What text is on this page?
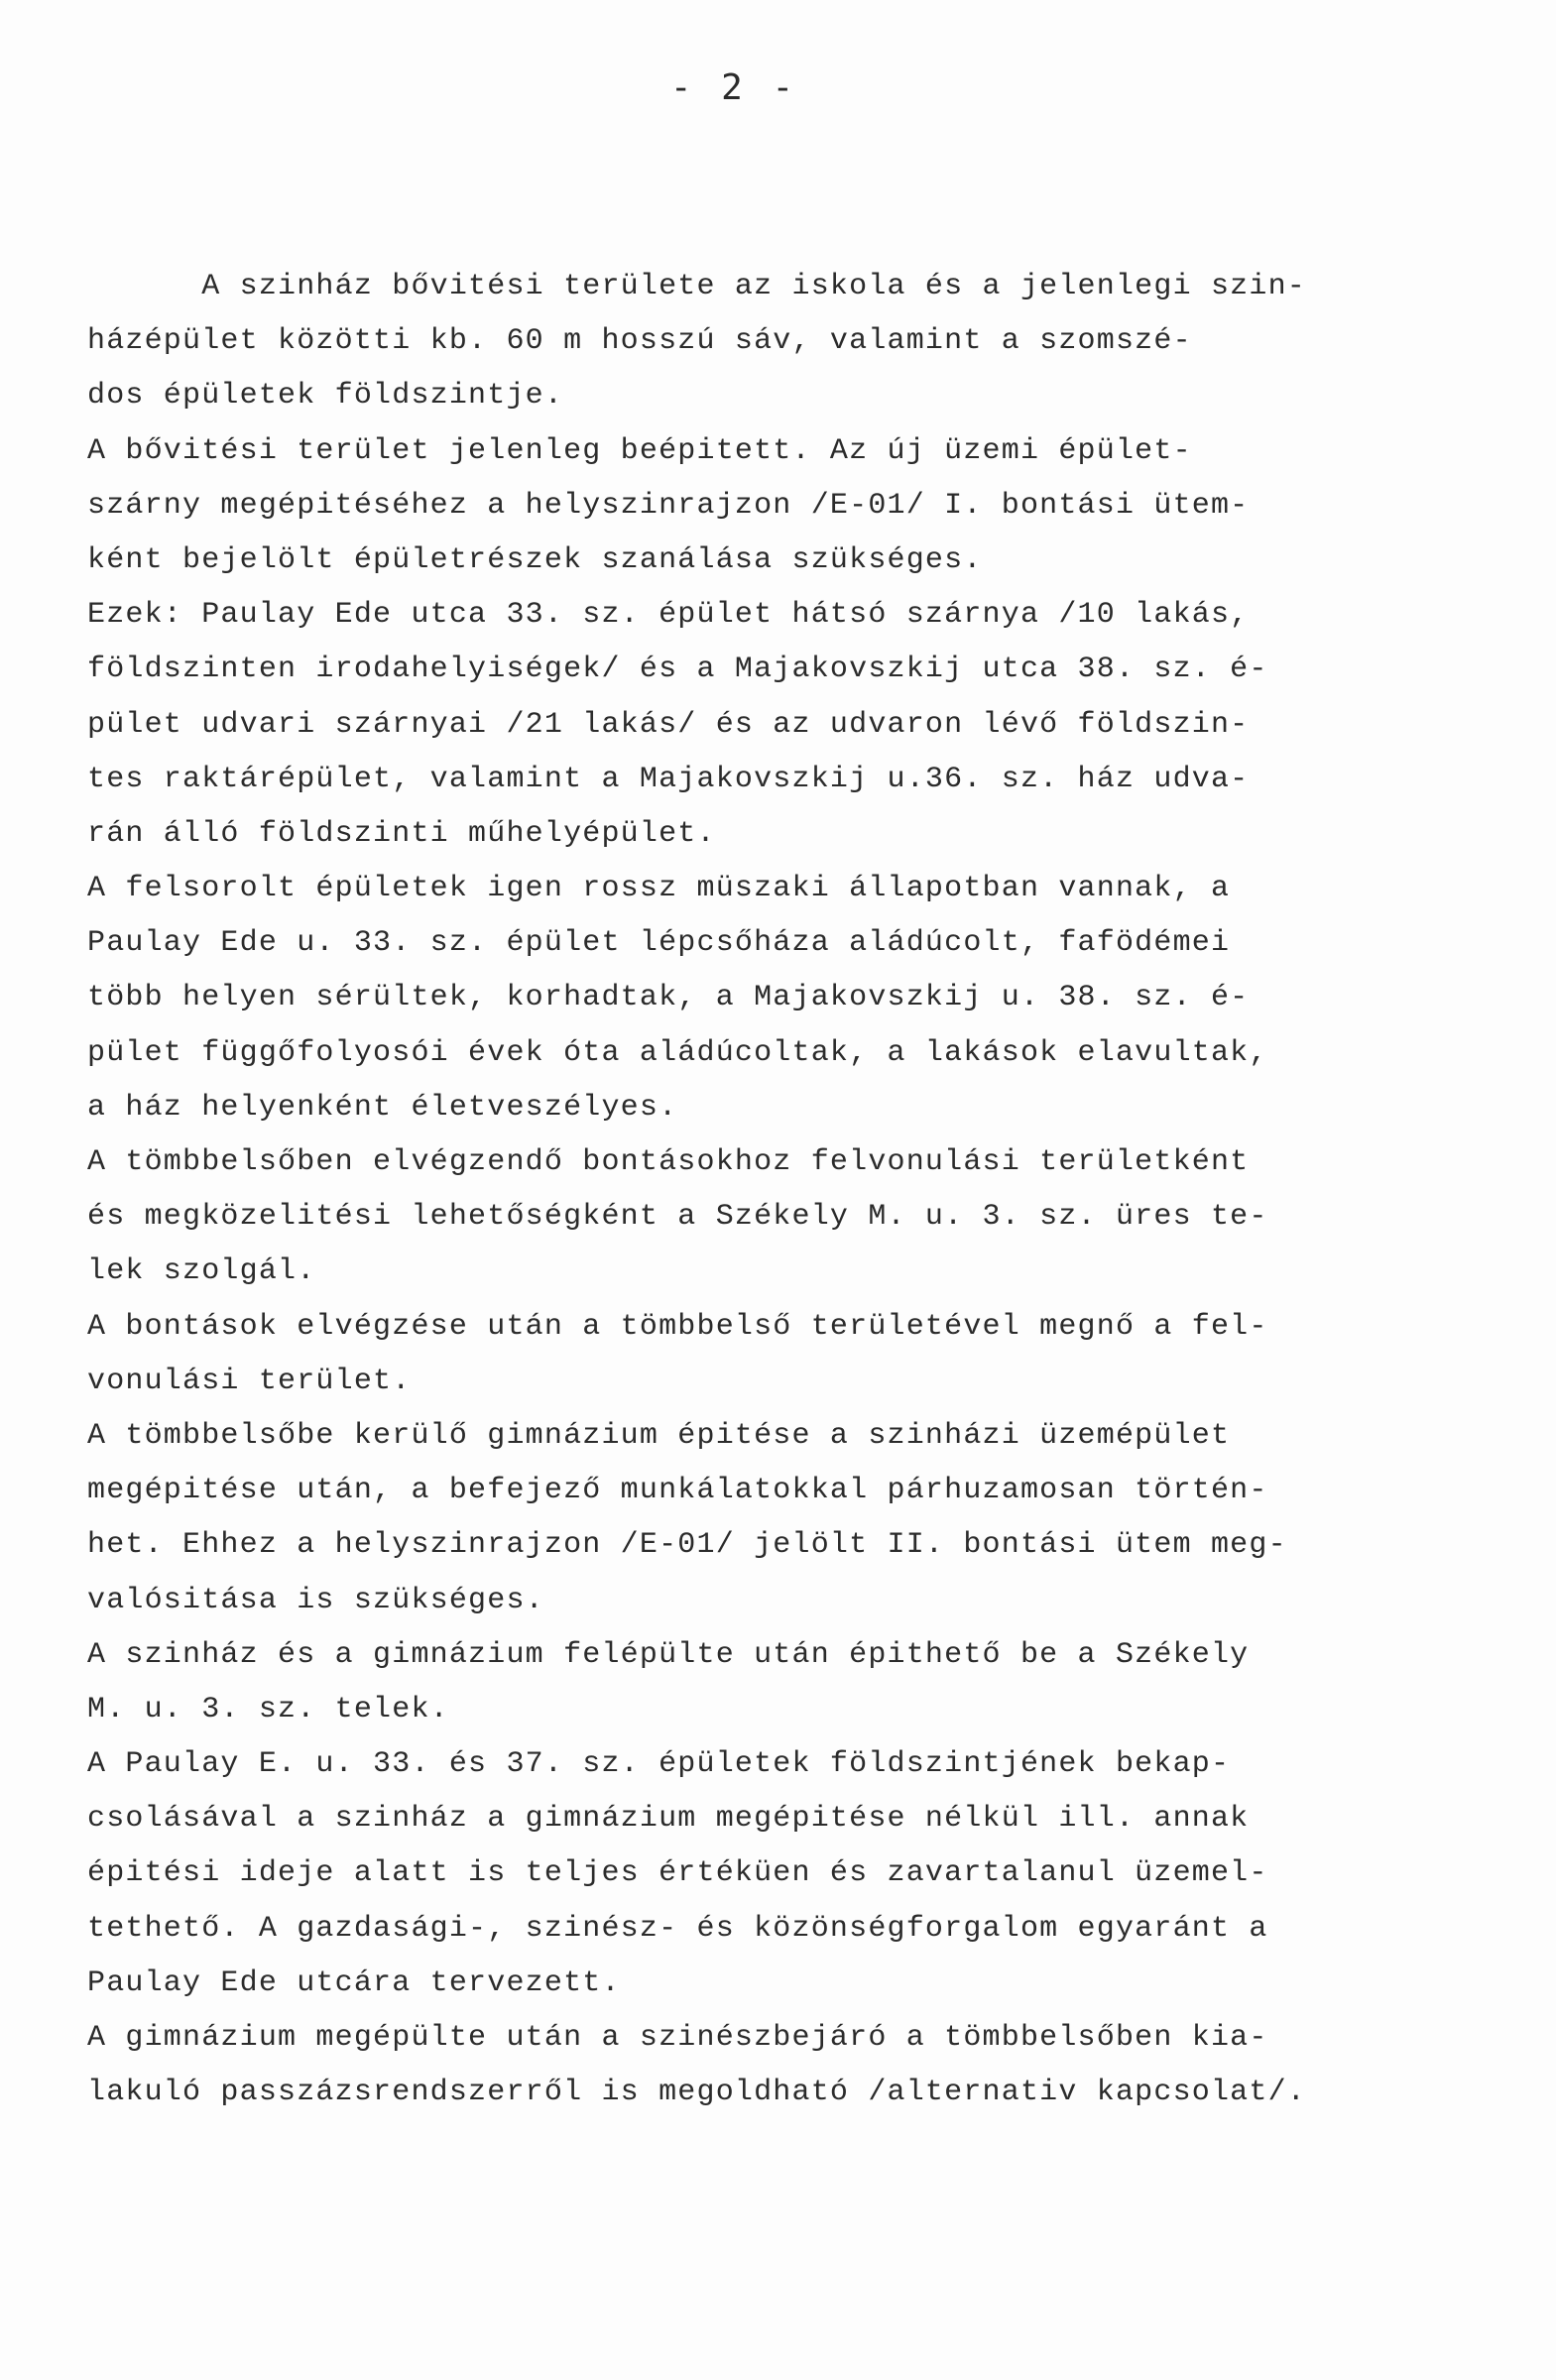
- 2 -
A szinház bővitési területe az iskola és a jelenlegi szin-
házépület közötti kb. 60 m hosszú sáv, valamint a szomszé-
dos épületek földszintje.
A bővitési terület jelenleg beépitett. Az új üzemi épület-
szárny megépitéséhez a helyszinrajzon /E-01/ I. bontási ütem-
ként bejelölt épületrészek szanálása szükséges.
Ezek: Paulay Ede utca 33. sz. épület hátsó szárnya /10 lakás,
földszinten irodahelyiségek/ és a Majakovszkij utca 38. sz. é-
pület udvari szárnyai /21 lakás/ és az udvaron lévő földszin-
tes raktárépület, valamint a Majakovszkij u.36. sz. ház udva-
rán álló földszinti műhelyépület.
A felsorolt épületek igen rossz müszaki állapotban vannak, a
Paulay Ede u. 33. sz. épület lépcsőháza aládúcolt, fafödémei
több helyen sérültek, korhadtak, a Majakovszkij u. 38. sz. é-
pület függőfolyosói évek óta aládúcoltak, a lakások elavultak,
a ház helyenként életveszélyes.
A tömbbelsőben elvégzendő bontásokhoz felvonulási területként
és megközelitési lehetőségként a Székely M. u. 3. sz. üres te-
lek szolgál.
A bontások elvégzése után a tömbbelső területével megnő a fel-
vonulási terület.
A tömbbelsőbe kerülő gimnázium épitése a szinházi üzemépület
megépitése után, a befejező munkálatokkal párhuzamosan történ-
het. Ehhez a helyszinrajzon /E-01/ jelölt II. bontási ütem meg-
valósitása is szükséges.
A szinház és a gimnázium felépülte után épithető be a Székely
M. u. 3. sz. telek.
A Paulay E. u. 33. és 37. sz. épületek földszintjének bekap-
csolásával a szinház a gimnázium megépitése nélkül ill. annak
épitési ideje alatt is teljes értéküen és zavartalanul üzemel-
tethető. A gazdasági-, szinész- és közönségforgalom egyaránt a
Paulay Ede utcára tervezett.
A gimnázium megépülte után a szinészbejáró a tömbbelsőben kia-
lakuló passzázsrendszerről is megoldható /alternativ kapcsolat/.
